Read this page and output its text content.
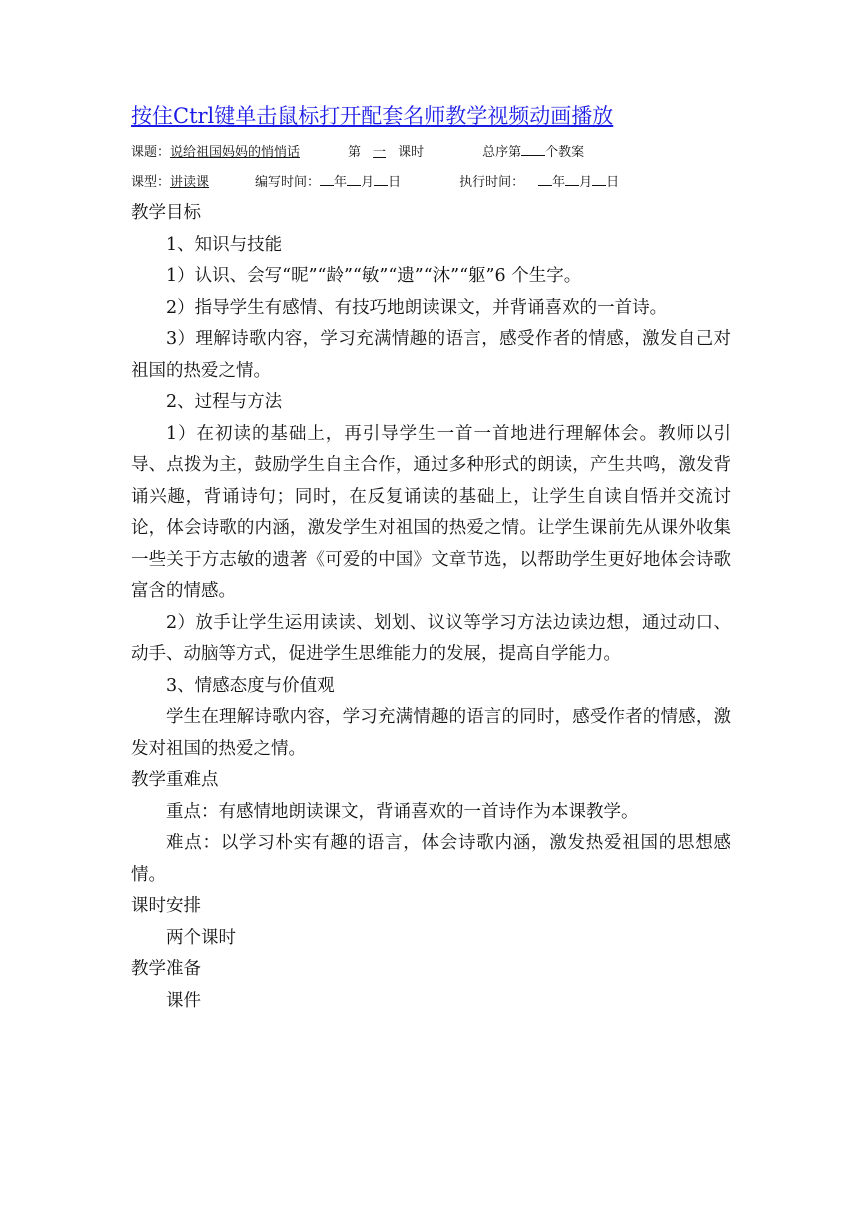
按住Ctrl键单击鼠标打开配套名师教学视频动画播放
课题：说给祖国妈妈的悄悄话	第 一 课时	总序第 个教案
课型：讲读课	编写时间： 年 月 日	执行时间： 年 月 日

教学目标

1、知识与技能

1）认识、会写“昵”“龄”“敏”“遗”“沐”“躯”6 个生字。

2）指导学生有感情、有技巧地朗读课文，并背诵喜欢的一首诗。

3）理解诗歌内容，学习充满情趣的语言，感受作者的情感，激发自己对祖国的热爱之情。

2、过程与方法

1）在初读的基础上，再引导学生一首一首地进行理解体会。教师以引导、点拨为主，鼓励学生自主合作，通过多种形式的朗读，产生共鸣，激发背诵兴趣，背诵诗句；同时，在反复诵读的基础上，让学生自读自悟并交流讨论，体会诗歌的内涵，激发学生对祖国的热爱之情。让学生课前先从课外收集一些关于方志敏的遗著《可爱的中国》文章节选，以帮助学生更好地体会诗歌富含的情感。

2）放手让学生运用读读、划划、议议等学习方法边读边想，通过动口、动手、动脑等方式，促进学生思维能力的发展，提高自学能力。

3、情感态度与价值观

学生在理解诗歌内容，学习充满情趣的语言的同时，感受作者的情感，激发对祖国的热爱之情。

教学重难点

重点：有感情地朗读课文，背诵喜欢的一首诗作为本课教学。

难点：以学习朴实有趣的语言，体会诗歌内涵，激发热爱祖国的思想感情。

课时安排

两个课时

教学准备

课件
